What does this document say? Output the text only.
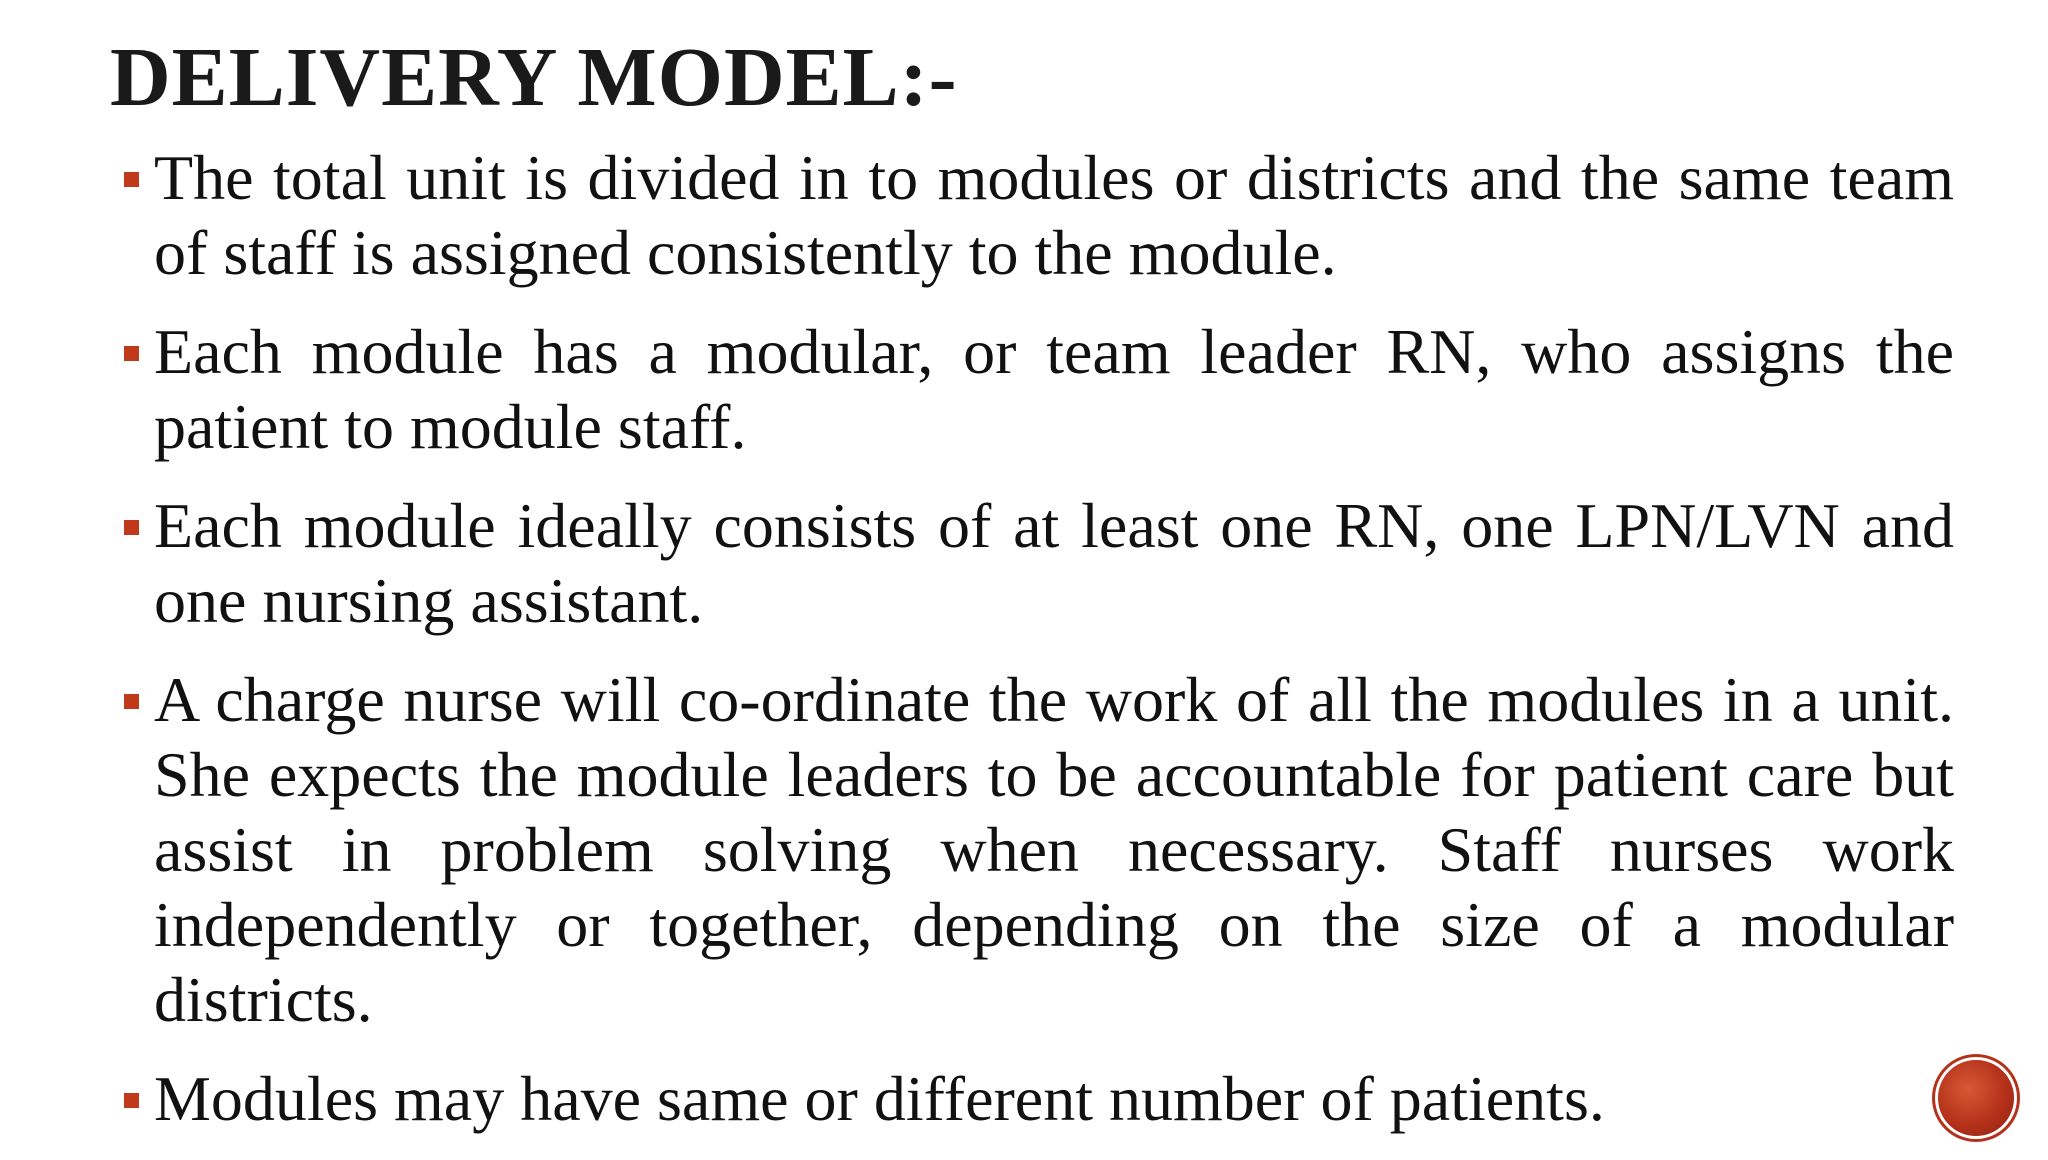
DELIVERY MODEL:-
The total unit is divided in to modules or districts and the same team of staff is assigned consistently to the module.
Each module has a modular, or team leader RN, who assigns the patient to module staff.
Each module ideally consists of at least one RN, one LPN/LVN and one nursing assistant.
A charge nurse will co-ordinate the work of all the modules in a unit. She expects the module leaders to be accountable for patient care but assist in problem solving when necessary. Staff nurses work independently or together, depending on the size of a modular districts.
Modules may have same or different number of patients.
